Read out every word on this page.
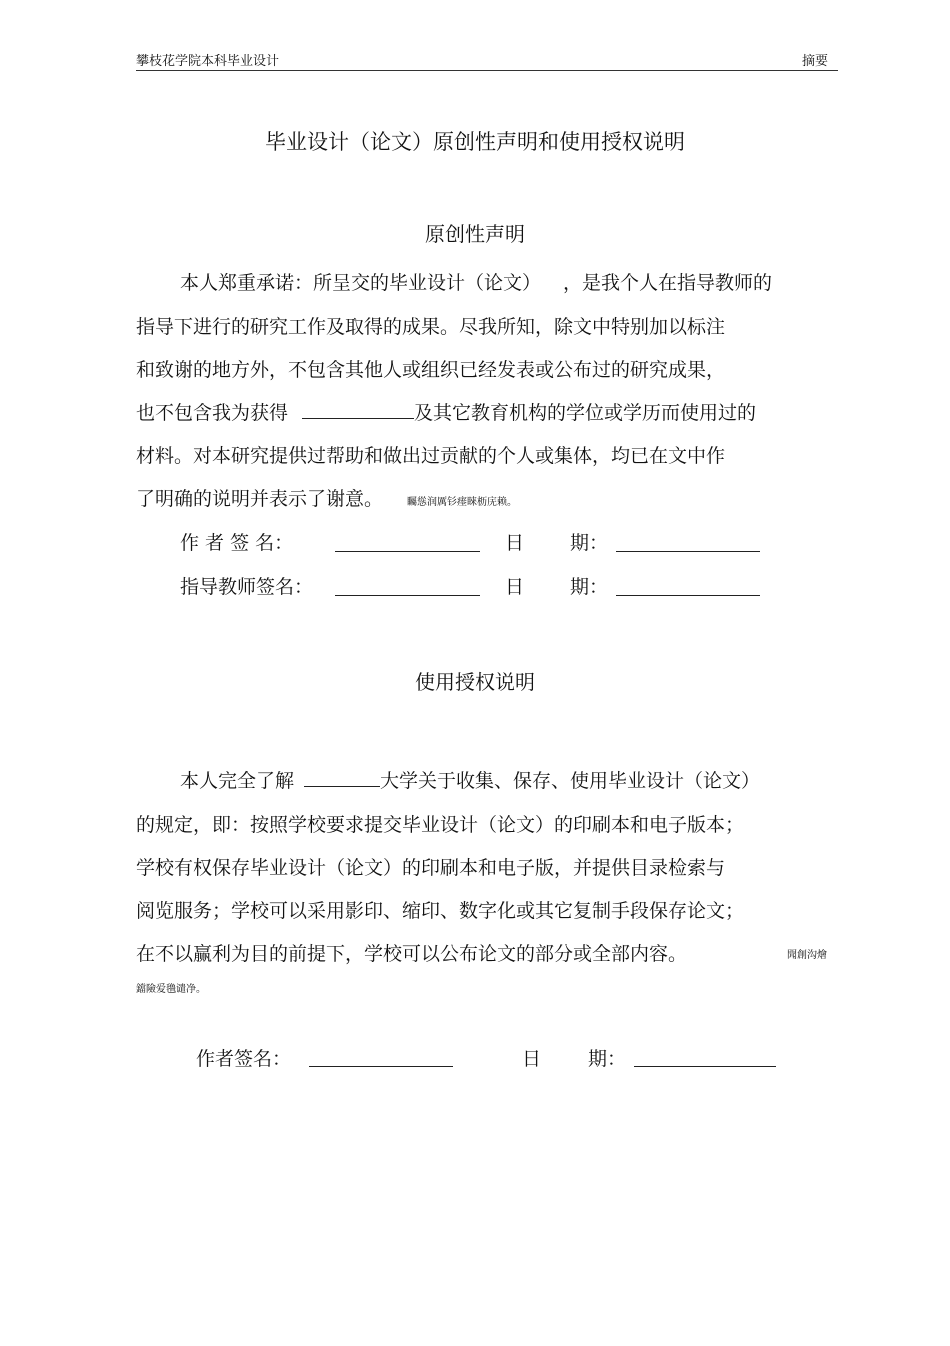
攀枝花学院本科毕业设计	摘要
毕业设计（论文）原创性声明和使用授权说明
原创性声明
本人郑重承诺：所呈交的毕业设计（论文） ，是我个人在指导教师的
指导下进行的研究工作及取得的成果。尽我所知，除文中特别加以标注
和致谢的地方外，不包含其他人或组织已经发表或公布过的研究成果，
也不包含我为获得	及其它教育机构的学位或学历而使用过的
材料。对本研究提供过帮助和做出过贡献的个人或集体，均已在文中作
了明确的说明并表示了谢意。 矚慫润厲钐瘗睞枥庑赖。
作 者 签 名：	日 期：
指导教师签名：	日 期：
使用授权说明
本人完全了解	大学关于收集、保存、使用毕业设计（论文）
的规定，即：按照学校要求提交毕业设计（论文）的印刷本和电子版本；
学校有权保存毕业设计（论文）的印刷本和电子版，并提供目录检索与
阅览服务；学校可以采用影印、缩印、数字化或其它复制手段保存论文；
在不以赢利为目的前提下，学校可以公布论文的部分或全部内容。	聞創沟燴
鐺險爱氇谴净。
作者签名：	日 期：
